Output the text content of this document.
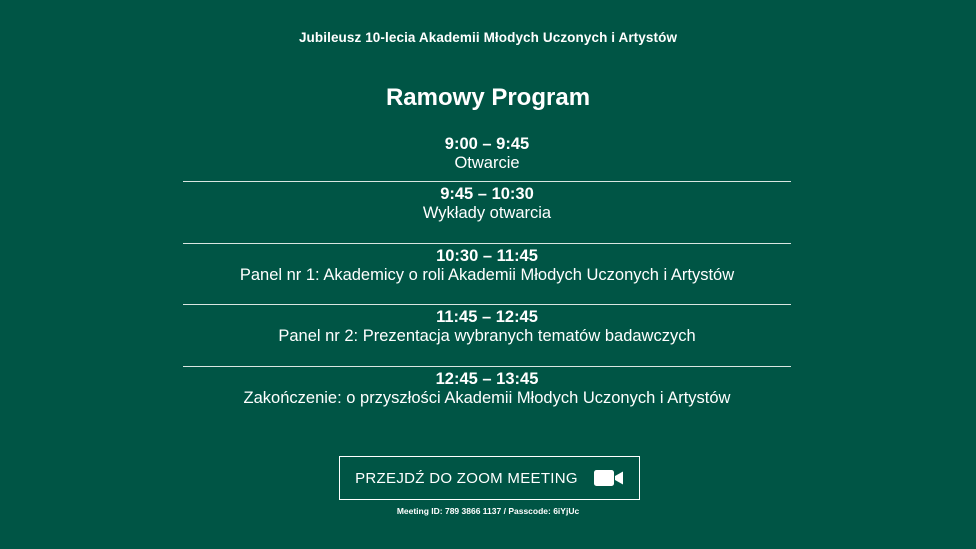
Jubileusz 10-lecia Akademii Młodych Uczonych i Artystów
Ramowy Program
9:00 – 9:45
Otwarcie
9:45 – 10:30
Wykłady otwarcia
10:30 – 11:45
Panel nr 1: Akademicy o roli Akademii Młodych Uczonych i Artystów
11:45 – 12:45
Panel nr 2: Prezentacja wybranych tematów badawczych
12:45 – 13:45
Zakończenie: o przyszłości Akademii Młodych Uczonych i Artystów
PRZEJDŹ DO ZOOM MEETING
Meeting ID: 789 3866 1137 / Passcode: 6iYjUc
